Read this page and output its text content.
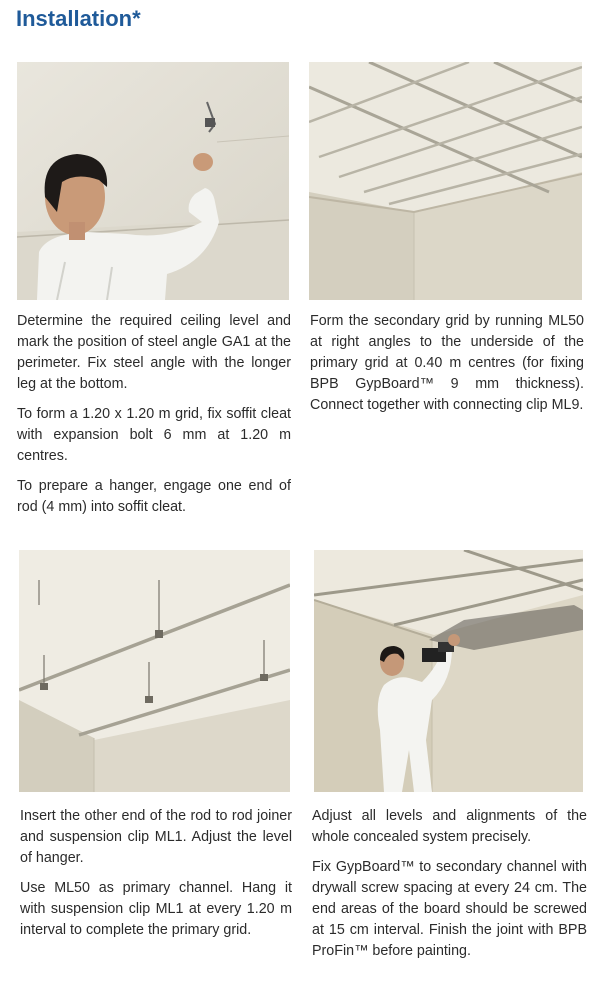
Installation*

Determine the required ceiling level and mark the position of steel angle GA1 at the perimeter. Fix steel angle with the longer leg at the bottom.

To form a 1.20 x 1.20 m grid, fix soffit cleat with expansion bolt 6 mm at 1.20 m centres.

To prepare a hanger, engage one end of rod (4 mm) into soffit cleat.

Form the secondary grid by running ML50 at right angles to the underside of the primary grid at 0.40 m centres (for fixing BPB GypBoard™ 9 mm thickness). Connect together with connecting clip ML9.

Insert the other end of the rod to rod joiner and suspension clip ML1. Adjust the level of hanger.

Use ML50 as primary channel. Hang it with suspension clip ML1 at every 1.20 m interval to complete the primary grid.

Adjust all levels and alignments of the whole concealed system precisely.

Fix GypBoard™ to secondary channel with drywall screw spacing at every 24 cm. The end areas of the board should be screwed at 15 cm interval. Finish the joint with BPB ProFin™ before painting.
